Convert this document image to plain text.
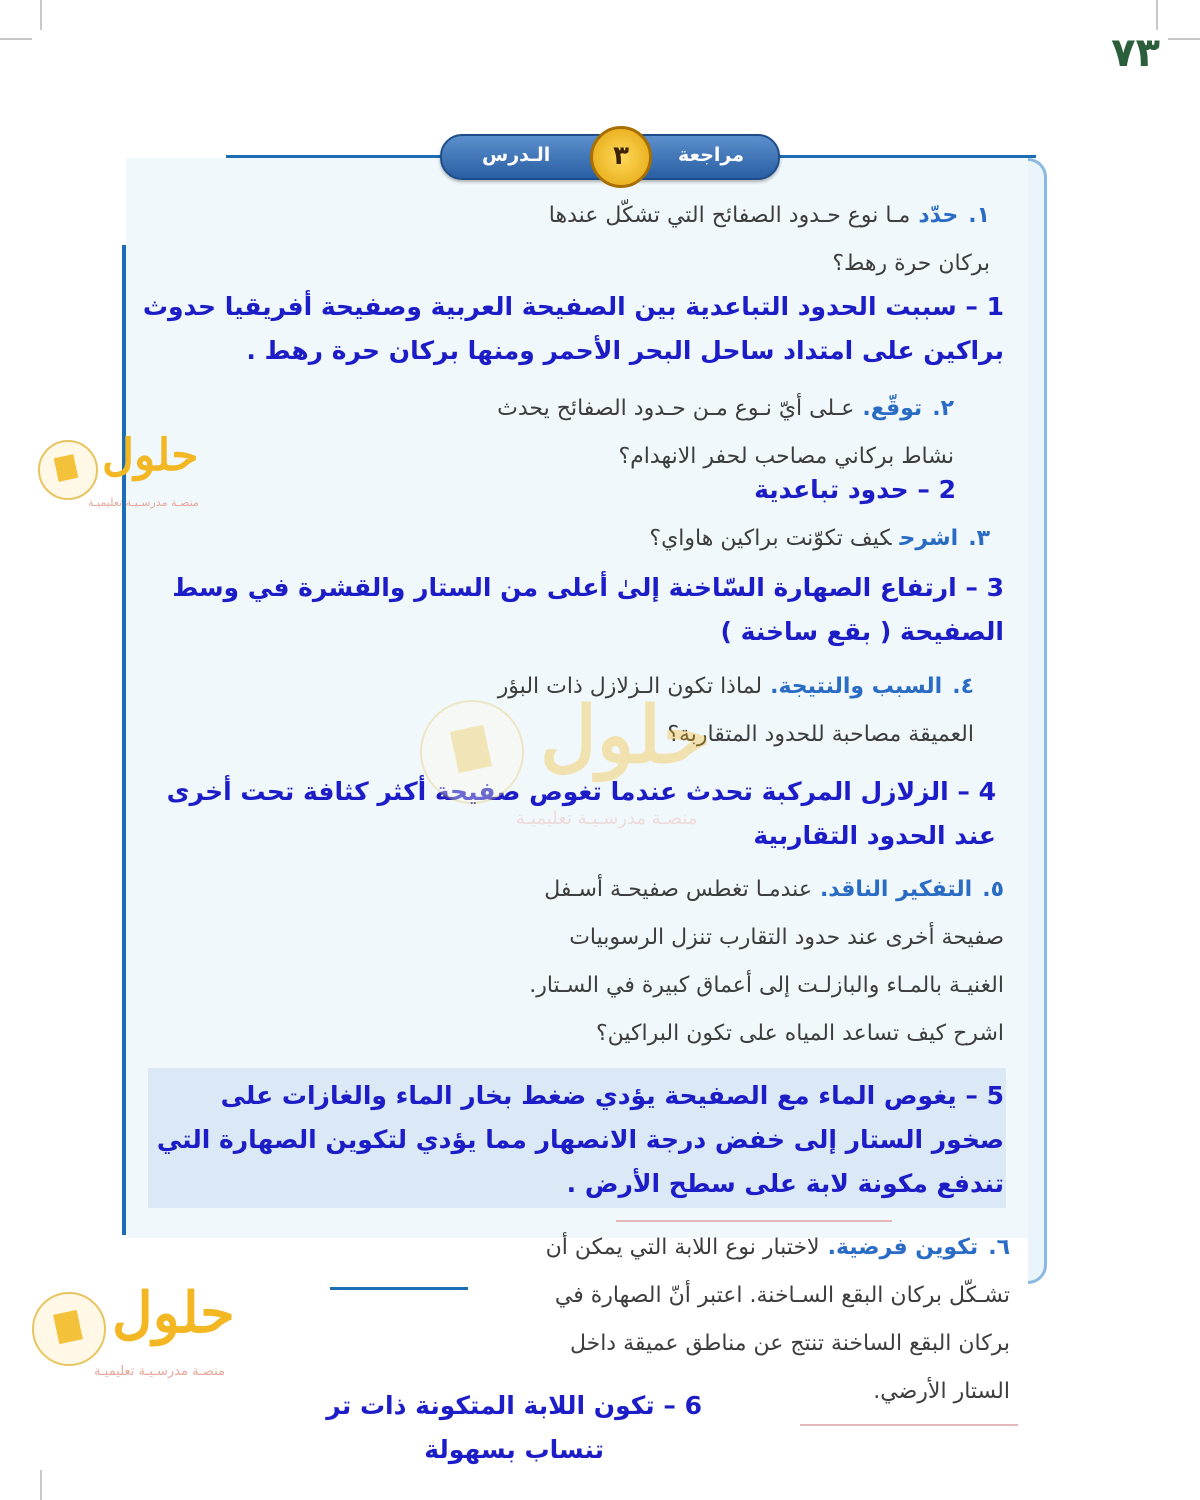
٧٣
مراجعة
٣
الـدرس
١.حدّدمـا نوع حـدود الصفائح التي تشكّل عندها
بركان حرة رهط؟
1 – سببت الحدود التباعدية بين الصفيحة العربية وصفيحة أفريقيا حدوث
براكين على امتداد ساحل البحر الأحمر ومنها بركان حرة رهط .
٢.توقّع.عـلى أيّ نـوع مـن حـدود الصفائح يحدث
نشاط بركاني مصاحب لحفر الانهدام؟
2 – حدود تباعدية
٣.اشرحكيف تكوّنت براكين هاواي؟
3 – ارتفاع الصهارة السّاخنة إلىٰ أعلى من الستار والقشرة في وسط
الصفيحة ( بقع ساخنة )
٤.السبب والنتيجة.لماذا تكون الـزلازل ذات البؤر
العميقة مصاحبة للحدود المتقاربة؟
4 – الزلازل المركبة تحدث عندما تغوص صفيحة أكثر كثافة تحت أخرى
عند الحدود التقاربية
٥.التفكير الناقد.عندمـا تغطس صفيحـة أسـفل
صفيحة أخرى عند حدود التقارب تنزل الرسوبيات
الغنيـة بالمـاء والبازلـت إلى أعماق كبيرة في السـتار.
اشرح كيف تساعد المياه على تكون البراكين؟
5 – يغوص الماء مع الصفيحة يؤدي ضغط بخار الماء والغازات على
صخور الستار إلى خفض درجة الانصهار مما يؤدي لتكوين الصهارة التي
تندفع مكونة لابة على سطح الأرض .
٦.تكوين فرضية.لاختبار نوع اللابة التي يمكن أن
تشـكّل بركان البقع السـاخنة. اعتبر أنّ الصهارة في
بركان البقع الساخنة تنتج عن مناطق عميقة داخل
الستار الأرضي.
6 – تكون اللابة المتكونة ذات تر
تنساب بسهولة
حلول
منصـة مدرسـيـة تعليميـة
حلول
منصـة مدرسـيـة تعليميـة
حلول
منصـة مدرسـيـة تعليميـة
